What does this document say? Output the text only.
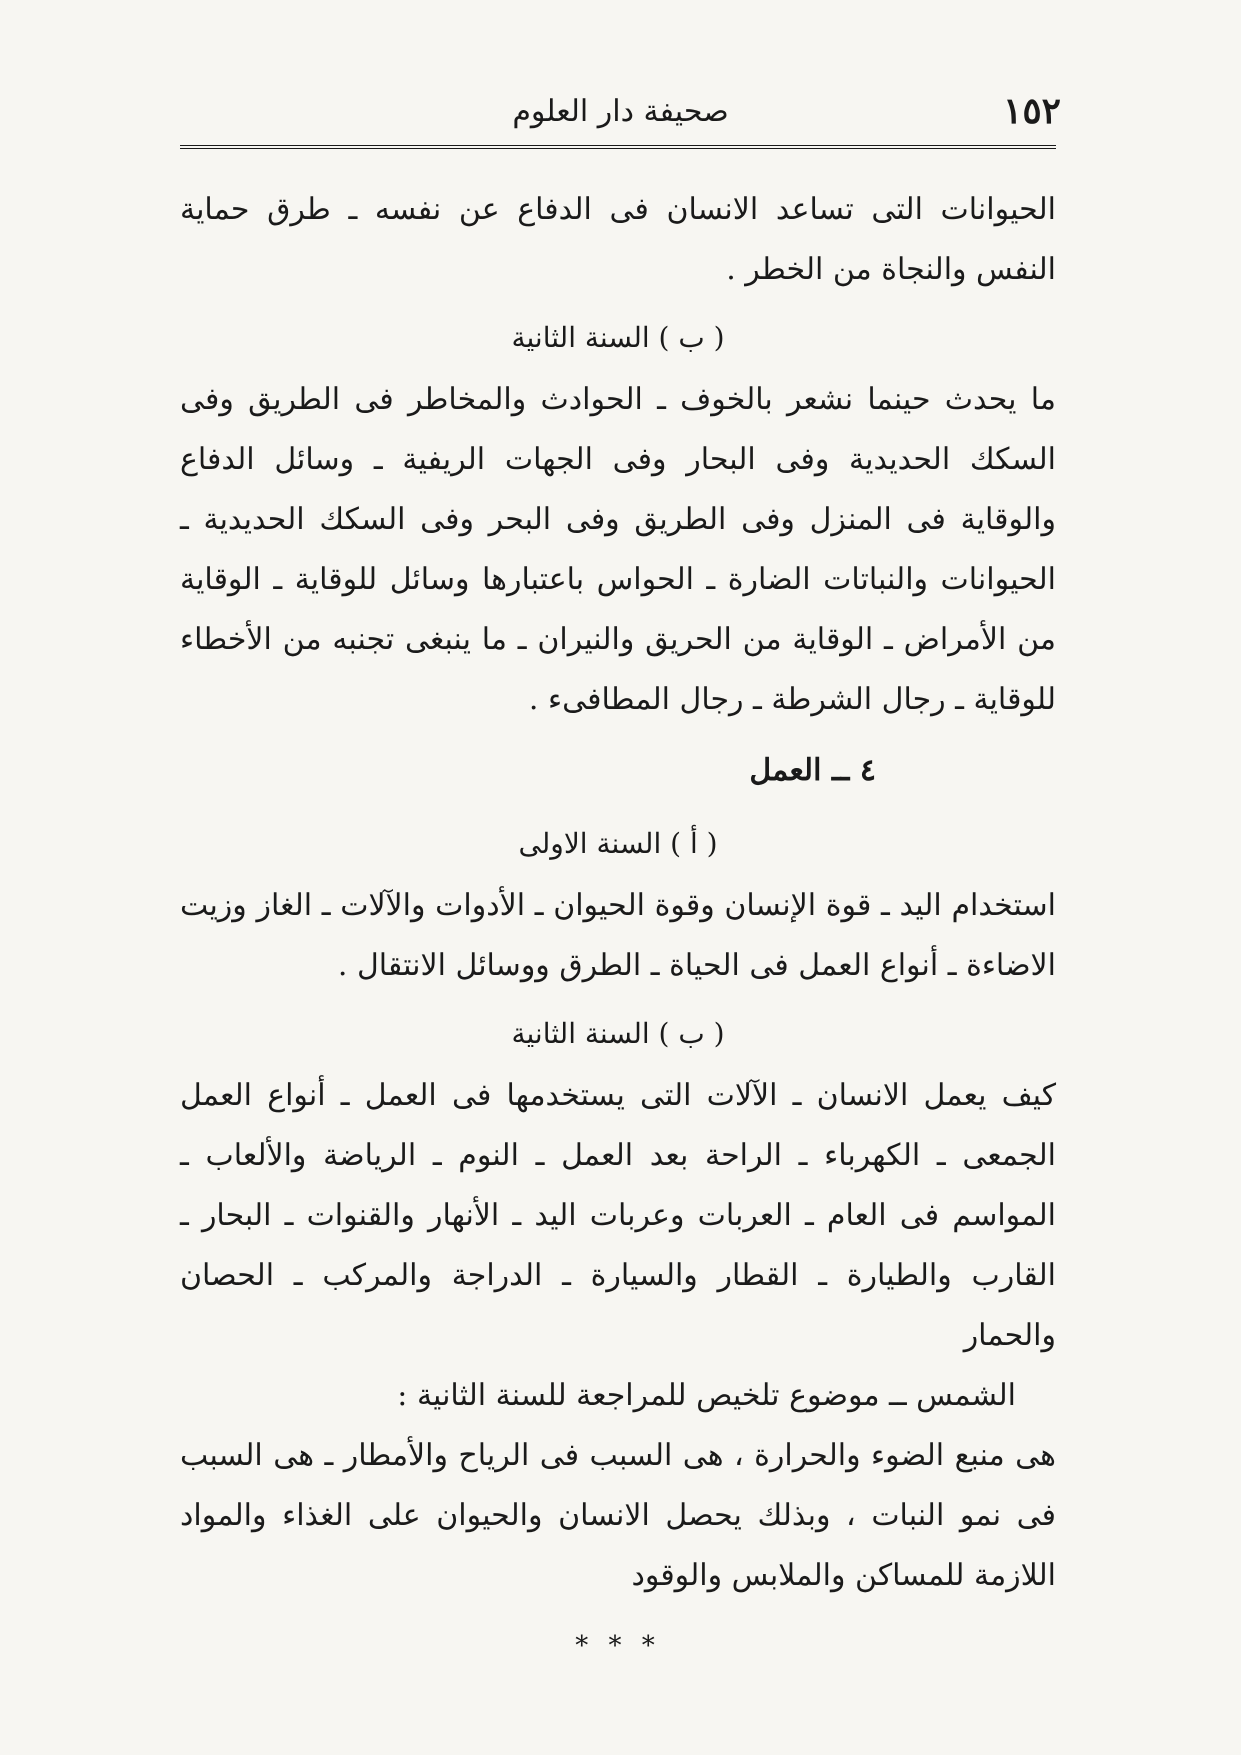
١٥٢
صحيفة دار العلوم

الحيوانات التى تساعد الانسان فى الدفاع عن نفسه ـ طرق حماية النفس والنجاة من الخطر .

( ب ) السنة الثانية

ما يحدث حينما نشعر بالخوف ـ الحوادث والمخاطر فى الطريق وفى السكك الحديدية وفى البحار وفى الجهات الريفية ـ وسائل الدفاع والوقاية فى المنزل وفى الطريق وفى البحر وفى السكك الحديدية ـ الحيوانات والنباتات الضارة ـ الحواس باعتبارها وسائل للوقاية ـ الوقاية من الأمراض ـ الوقاية من الحريق والنيران ـ ما ينبغى تجنبه من الأخطاء للوقاية ـ رجال الشرطة ـ رجال المطافىء .

٤ ــ العمل
( أ ) السنة الاولى

استخدام اليد ـ قوة الإنسان وقوة الحيوان ـ الأدوات والآلات ـ الغاز وزيت الاضاءة ـ أنواع العمل فى الحياة ـ الطرق ووسائل الانتقال .

( ب ) السنة الثانية

كيف يعمل الانسان ـ الآلات التى يستخدمها فى العمل ـ أنواع العمل الجمعى ـ الكهرباء ـ الراحة بعد العمل ـ النوم ـ الرياضة والألعاب ـ المواسم فى العام ـ العربات وعربات اليد ـ الأنهار والقنوات ـ البحار ـ القارب والطيارة ـ القطار والسيارة ـ الدراجة والمركب ـ الحصان والحمار

الشمس ــ موضوع تلخيص للمراجعة للسنة الثانية :

هى منبع الضوء والحرارة ، هى السبب فى الرياح والأمطار ـ هى السبب فى نمو النبات ، وبذلك يحصل الانسان والحيوان على الغذاء والمواد اللازمة للمساكن والملابس والوقود

* * *
